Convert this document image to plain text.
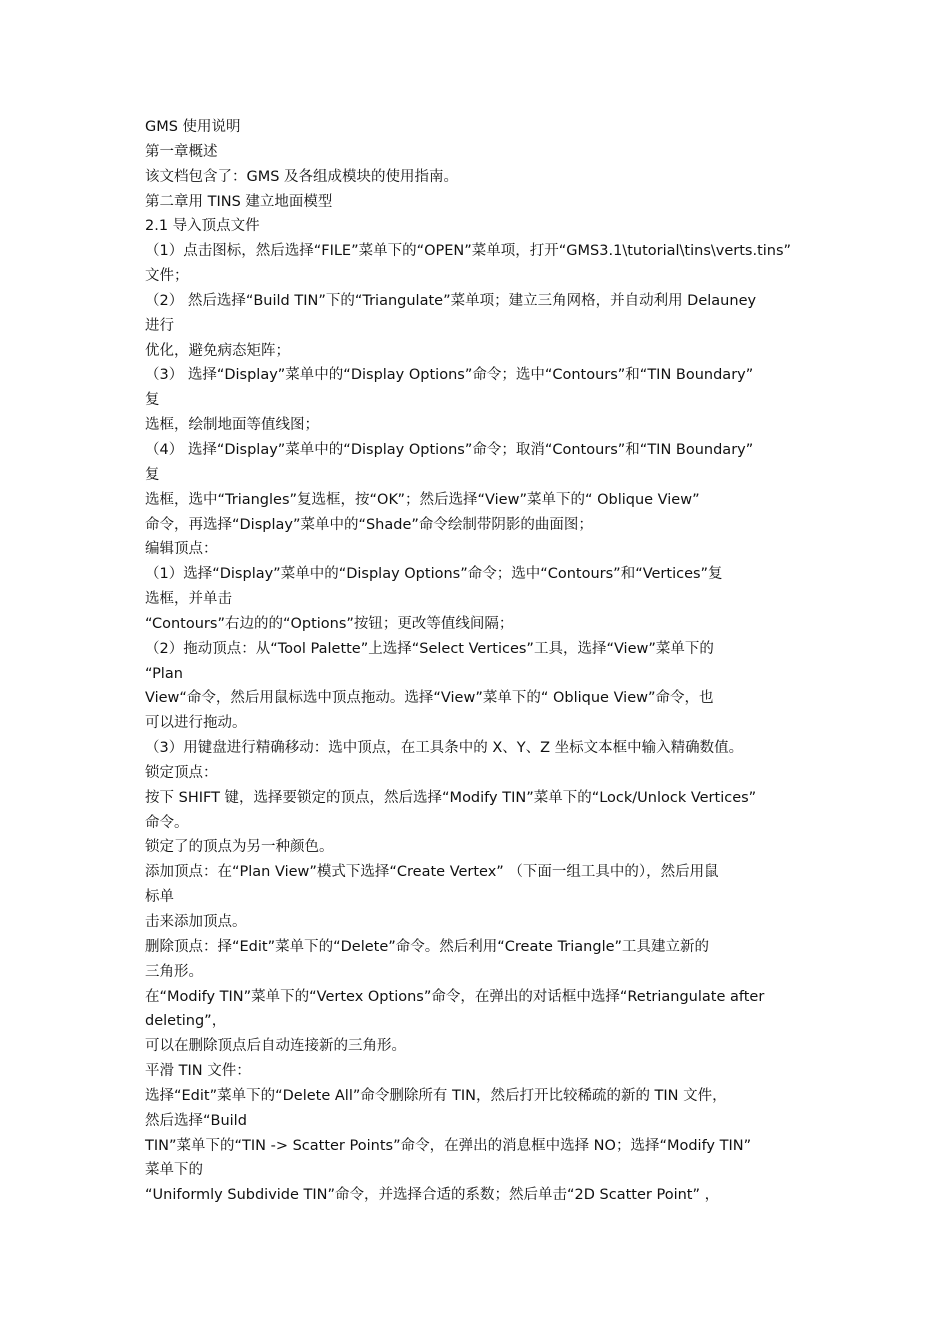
GMS 使用说明
第一章概述
该文档包含了：GMS 及各组成模块的使用指南。
第二章用 TINS 建立地面模型
2.1 导入顶点文件
（1）点击图标，然后选择“FILE”菜单下的“OPEN”菜单项，打开“GMS3.1\tutorial\tins\verts.tins”
文件；
（2） 然后选择“Build TIN”下的“Triangulate”菜单项；建立三角网格，并自动利用 Delauney
进行
优化，避免病态矩阵；
（3） 选择“Display”菜单中的“Display Options”命令；选中“Contours”和“TIN Boundary”
复
选框，绘制地面等值线图；
（4） 选择“Display”菜单中的“Display Options”命令；取消“Contours”和“TIN Boundary”
复
选框，选中“Triangles”复选框，按“OK”；然后选择“View”菜单下的“ Oblique View”
命令，再选择“Display”菜单中的“Shade”命令绘制带阴影的曲面图；
编辑顶点：
（1）选择“Display”菜单中的“Display Options”命令；选中“Contours”和“Vertices”复
选框，并单击
“Contours”右边的的“Options”按钮；更改等值线间隔；
（2）拖动顶点：从“Tool Palette”上选择“Select Vertices”工具，选择“View”菜单下的
“Plan
View“命令，然后用鼠标选中顶点拖动。选择“View”菜单下的“ Oblique View”命令，也
可以进行拖动。
（3）用键盘进行精确移动：选中顶点，在工具条中的 X、Y、Z 坐标文本框中输入精确数值。
锁定顶点：
按下 SHIFT 键，选择要锁定的顶点，然后选择“Modify TIN”菜单下的“Lock/Unlock Vertices”
命令。
锁定了的顶点为另一种颜色。
添加顶点：在“Plan View”模式下选择“Create Vertex” （下面一组工具中的），然后用鼠
标单
击来添加顶点。
删除顶点：择“Edit”菜单下的“Delete”命令。然后利用“Create Triangle”工具建立新的
三角形。
在“Modify TIN”菜单下的“Vertex Options”命令，在弹出的对话框中选择“Retriangulate after
deleting”，
可以在删除顶点后自动连接新的三角形。
平滑 TIN 文件：
选择“Edit”菜单下的“Delete All”命令删除所有 TIN，然后打开比较稀疏的新的 TIN 文件，
然后选择“Build
TIN”菜单下的“TIN -> Scatter Points”命令，在弹出的消息框中选择 NO；选择“Modify TIN”
菜单下的
“Uniformly Subdivide TIN”命令，并选择合适的系数；然后单击“2D Scatter Point” ，
